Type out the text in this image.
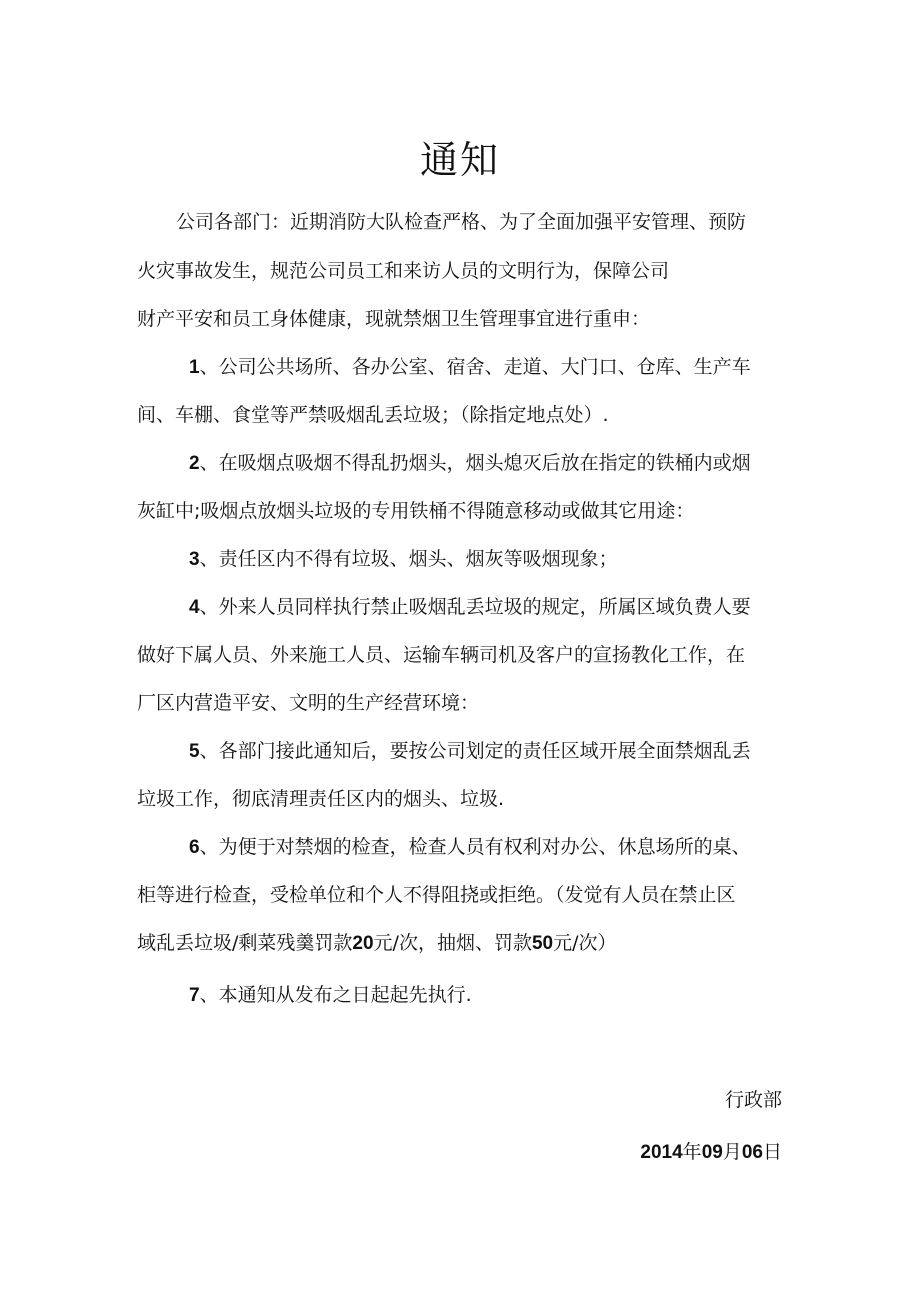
通知
公司各部门：近期消防大队检查严格、为了全面加强平安管理、预防
火灾事故发生，规范公司员工和来访人员的文明行为，保障公司
财产平安和员工身体健康，现就禁烟卫生管理事宜进行重申：
1、公司公共场所、各办公室、宿舍、走道、大门口、仓库、生产车
间、车棚、食堂等严禁吸烟乱丢垃圾；（除指定地点处）.
2、在吸烟点吸烟不得乱扔烟头，烟头熄灭后放在指定的铁桶内或烟
灰缸中;吸烟点放烟头垃圾的专用铁桶不得随意移动或做其它用途：
3、责任区内不得有垃圾、烟头、烟灰等吸烟现象；
4、外来人员同样执行禁止吸烟乱丢垃圾的规定，所属区域负费人要
做好下属人员、外来施工人员、运输车辆司机及客户的宣扬教化工作，在
厂区内营造平安、文明的生产经营环境：
5、各部门接此通知后，要按公司划定的责任区域开展全面禁烟乱丢
垃圾工作，彻底清理责任区内的烟头、垃圾.
6、为便于对禁烟的检查，检查人员有权利对办公、休息场所的桌、
柜等进行检查，受检单位和个人不得阻挠或拒绝。（发觉有人员在禁止区
域乱丢垃圾/剩菜残羹罚款20元/次，抽烟、罚款50元/次）
7、本通知从发布之日起起先执行.
行政部
2014年09月06日
